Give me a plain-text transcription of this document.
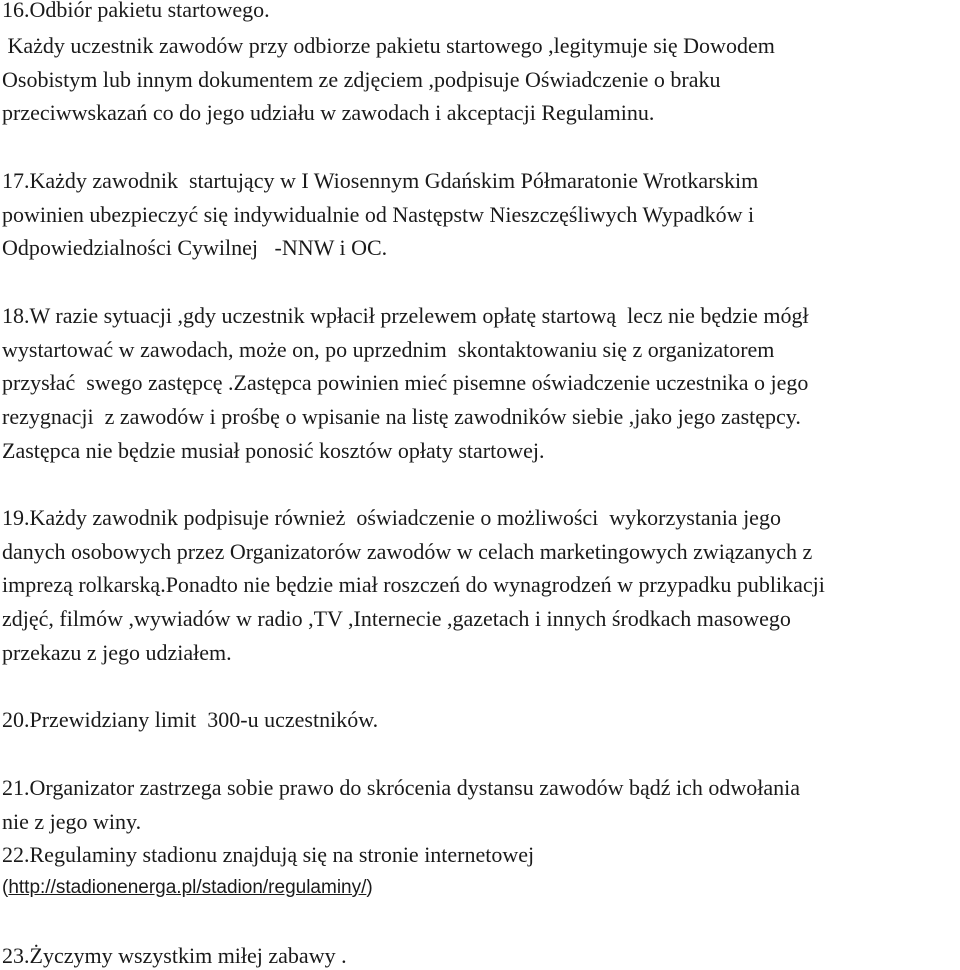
16.Odbiór pakietu startowego.
Każdy uczestnik zawodów przy odbiorze pakietu startowego ,legitymuje się Dowodem
Osobistym lub innym dokumentem ze zdjęciem ,podpisuje Oświadczenie o braku
przeciwwskazań co do jego udziału w zawodach i akceptacji Regulaminu.
17.Każdy zawodnik  startujący w I Wiosennym Gdańskim Półmaratonie Wrotkarskim
powinien ubezpieczyć się indywidualnie od Następstw Nieszczęśliwych Wypadków i
Odpowiedzialności Cywilnej   -NNW i OC.
18.W razie sytuacji ,gdy uczestnik wpłacił przelewem opłatę startową  lecz nie będzie mógł
wystartować w zawodach, może on, po uprzednim  skontaktowaniu się z organizatorem
przysłać  swego zastępcę .Zastępca powinien mieć pisemne oświadczenie uczestnika o jego
rezygnacji  z zawodów i prośbę o wpisanie na listę zawodników siebie ,jako jego zastępcy.
Zastępca nie będzie musiał ponosić kosztów opłaty startowej.
19.Każdy zawodnik podpisuje również  oświadczenie o możliwości  wykorzystania jego
danych osobowych przez Organizatorów zawodów w celach marketingowych związanych z
imprezą rolkarską.Ponadto nie będzie miał roszczeń do wynagrodzeń w przypadku publikacji
zdjęć, filmów ,wywiadów w radio ,TV ,Internecie ,gazetach i innych środkach masowego
przekazu z jego udziałem.
20.Przewidziany limit  300-u uczestników.
21.Organizator zastrzega sobie prawo do skrócenia dystansu zawodów bądź ich odwołania
nie z jego winy.
22.Regulaminy stadionu znajdują się na stronie internetowej
(http://stadionenerga.pl/stadion/regulaminy/)
23.Życzymy wszystkim miłej zabawy .
